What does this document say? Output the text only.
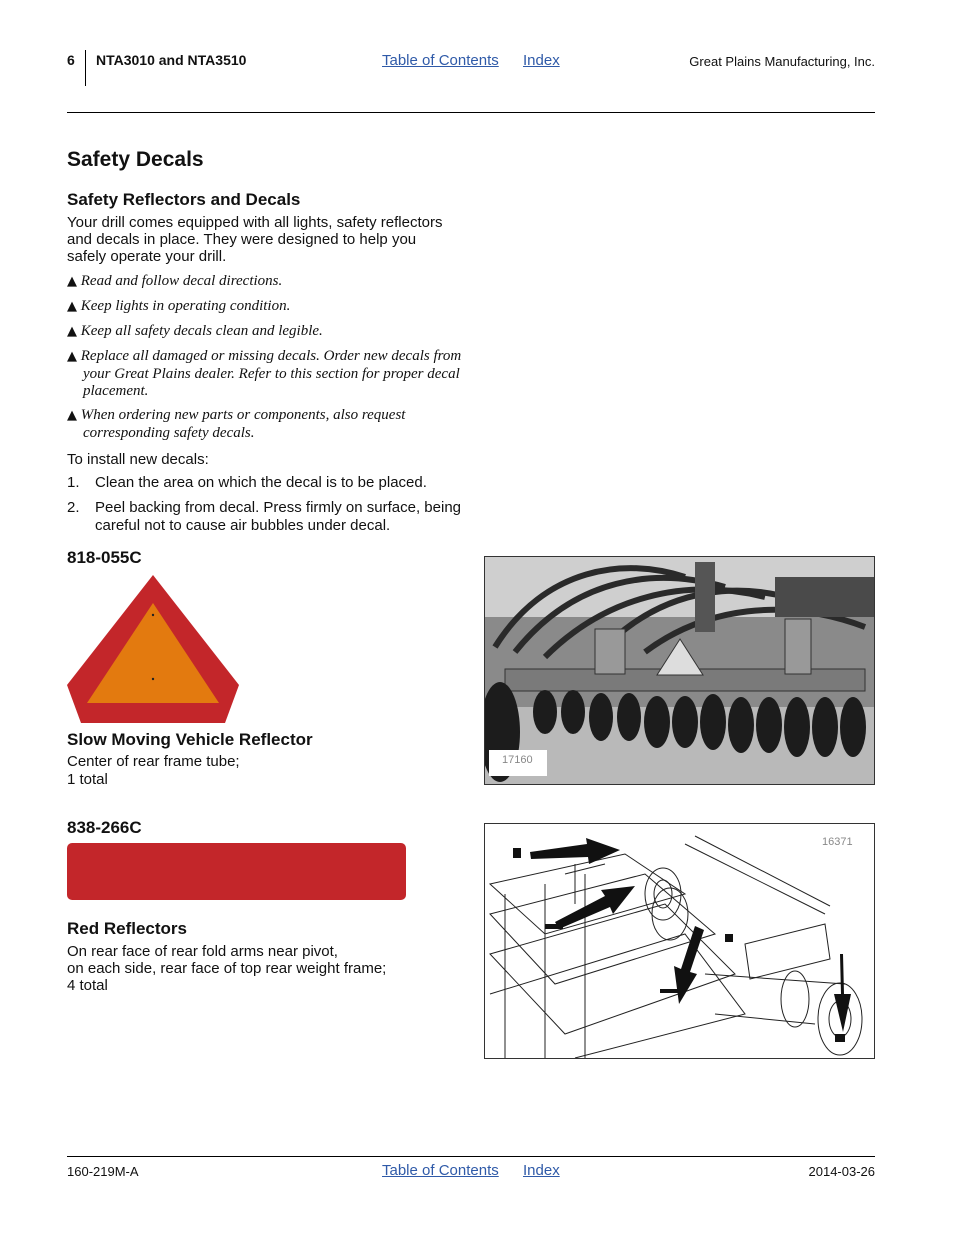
6 NTA3010 and NTA3510	Table of Contents Index	Great Plains Manufacturing, Inc.
Safety Decals
Safety Reflectors and Decals
Your drill comes equipped with all lights, safety reflectors and decals in place. They were designed to help you safely operate your drill.
▲ Read and follow decal directions.
▲ Keep lights in operating condition.
▲ Keep all safety decals clean and legible.
▲ Replace all damaged or missing decals. Order new decals from your Great Plains dealer. Refer to this section for proper decal placement.
▲ When ordering new parts or components, also request corresponding safety decals.
To install new decals:
1. Clean the area on which the decal is to be placed.
2. Peel backing from decal. Press firmly on surface, being careful not to cause air bubbles under decal.
818-055C
Slow Moving Vehicle Reflector
Center of rear frame tube;
1 total
17160
838-266C
Red Reflectors
On rear face of rear fold arms near pivot,
on each side, rear face of top rear weight frame;
4 total
16371
160-219M-A	Table of Contents Index	2014-03-26
